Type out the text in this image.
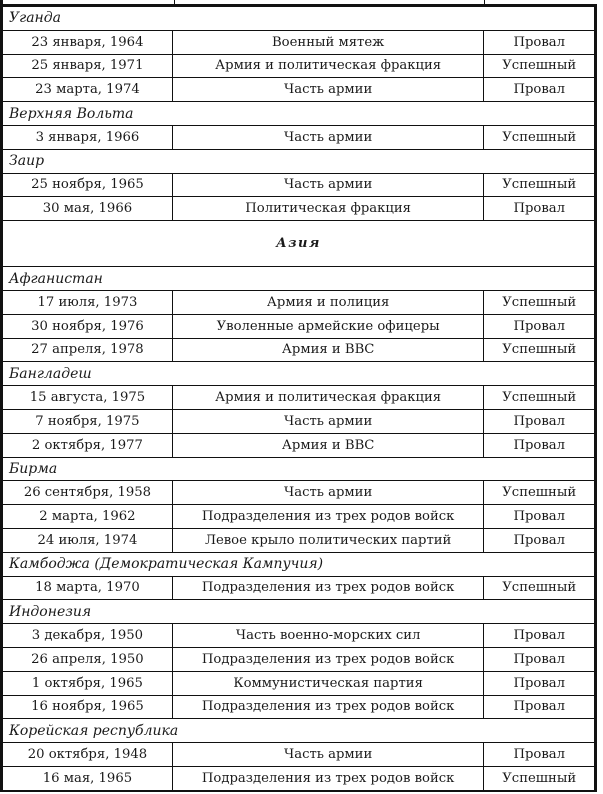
Уганда		
23 января, 1964	Военный мятеж	Провал
25 января, 1971	Армия и политическая фракция	Успешный
23 марта, 1974	Часть армии	Провал
Верхняя Вольта		
3 января, 1966	Часть армии	Успешный
Заир		
25 ноября, 1965	Часть армии	Успешный
30 мая, 1966	Политическая фракция	Провал
Азия		
Афганистан		
17 июля, 1973	Армия и полиция	Успешный
30 ноября, 1976	Уволенные армейские офицеры	Провал
27 апреля, 1978	Армия и ВВС	Успешный
Бангладеш		
15 августа, 1975	Армия и политическая фракция	Успешный
7 ноября, 1975	Часть армии	Провал
2 октября, 1977	Армия и ВВС	Провал
Бирма		
26 сентября, 1958	Часть армии	Успешный
2 марта, 1962	Подразделения из трех родов войск	Провал
24 июля, 1974	Левое крыло политических партий	Провал
Камбоджа (Демократическая Кампучия)		
18 марта, 1970	Подразделения из трех родов войск	Успешный
Индонезия		
3 декабря, 1950	Часть военно-морских сил	Провал
26 апреля, 1950	Подразделения из трех родов войск	Провал
1 октября, 1965	Коммунистическая партия	Провал
16 ноября, 1965	Подразделения из трех родов войск	Провал
Корейская республика		
20 октября, 1948	Часть армии	Провал
16 мая, 1965	Подразделения из трех родов войск	Успешный
